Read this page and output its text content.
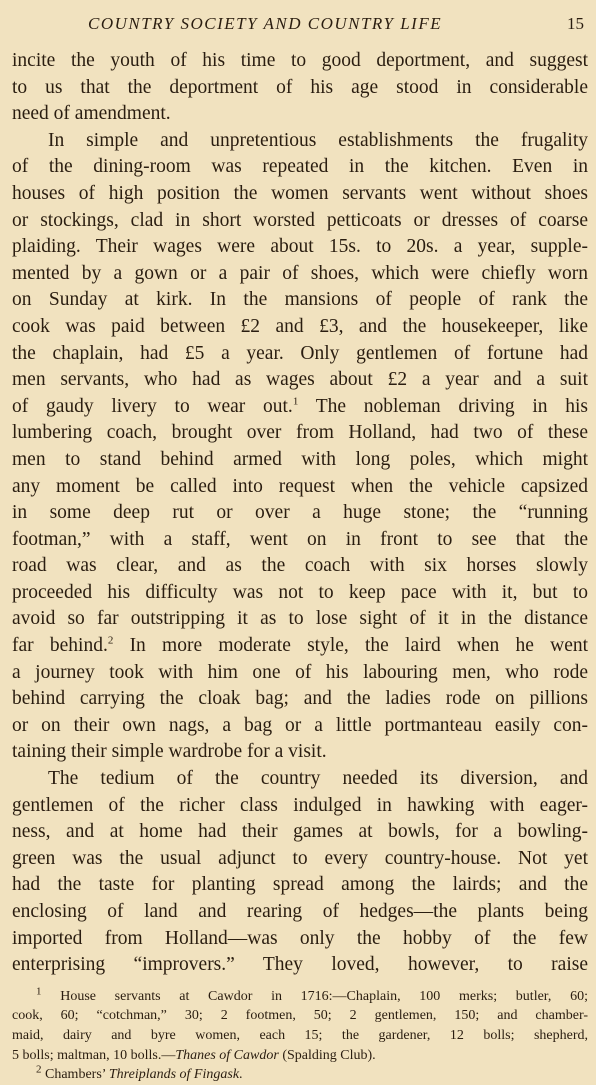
COUNTRY SOCIETY AND COUNTRY LIFE	15
incite the youth of his time to good deportment, and suggest
to us that the deportment of his age stood in considerable
need of amendment.
In simple and unpretentious establishments the frugality
of the dining-room was repeated in the kitchen. Even in
houses of high position the women servants went without shoes
or stockings, clad in short worsted petticoats or dresses of coarse
plaiding. Their wages were about 15s. to 20s. a year, supple-
mented by a gown or a pair of shoes, which were chiefly worn
on Sunday at kirk. In the mansions of people of rank the
cook was paid between £2 and £3, and the housekeeper, like
the chaplain, had £5 a year. Only gentlemen of fortune had
men servants, who had as wages about £2 a year and a suit
of gaudy livery to wear out.$^1$ The nobleman driving in his
lumbering coach, brought over from Holland, had two of these
men to stand behind armed with long poles, which might
any moment be called into request when the vehicle capsized
in some deep rut or over a huge stone; the “running
footman,” with a staff, went on in front to see that the
road was clear, and as the coach with six horses slowly
proceeded his difficulty was not to keep pace with it, but to
avoid so far outstripping it as to lose sight of it in the distance
far behind.$^2$ In more moderate style, the laird when he went
a journey took with him one of his labouring men, who rode
behind carrying the cloak bag; and the ladies rode on pillions
or on their own nags, a bag or a little portmanteau easily con-
taining their simple wardrobe for a visit.
The tedium of the country needed its diversion, and
gentlemen of the richer class indulged in hawking with eager-
ness, and at home had their games at bowls, for a bowling-
green was the usual adjunct to every country-house. Not yet
had the taste for planting spread among the lairds; and the
enclosing of land and rearing of hedges—the plants being
imported from Holland—was only the hobby of the few
enterprising “improvers.” They loved, however, to raise
$^1$ House servants at Cawdor in 1716:—Chaplain, 100 merks; butler, 60;
cook, 60; “cotchman,” 30; 2 footmen, 50; 2 gentlemen, 150; and chamber-
maid, dairy and byre women, each 15; the gardener, 12 bolls; shepherd,
5 bolls; maltman, 10 bolls.—Thanes of Cawdor (Spalding Club).
$^2$ Chambers’ Threiplands of Fingask.
